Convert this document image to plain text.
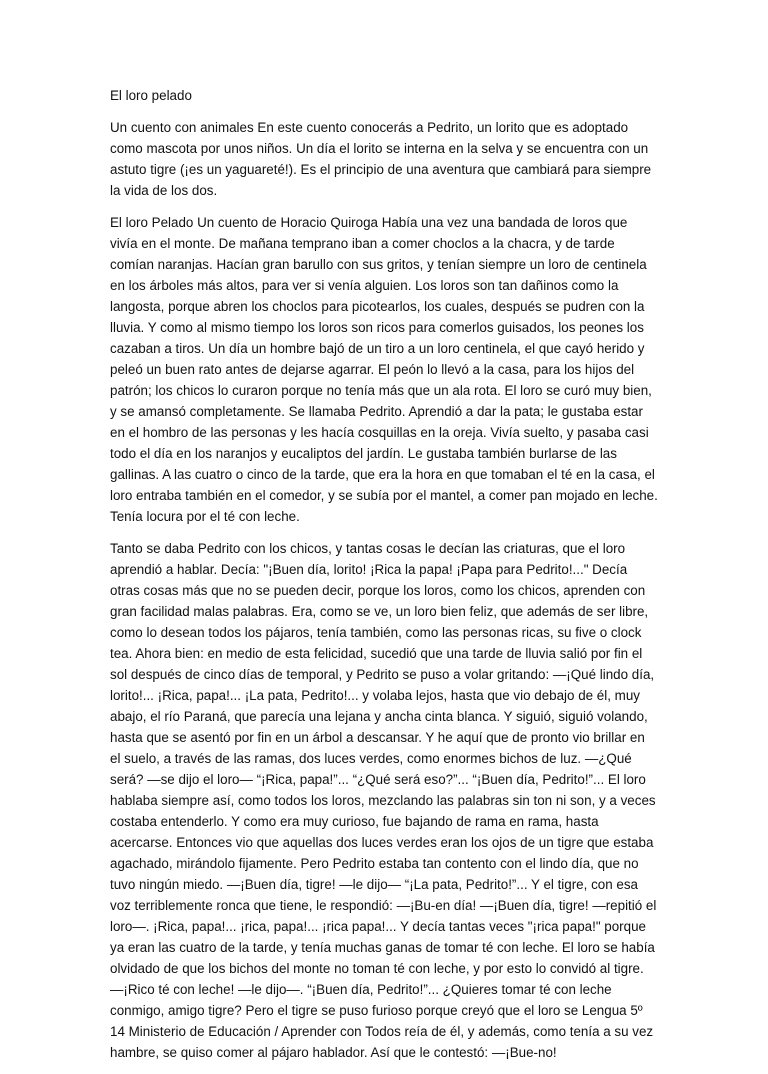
El loro pelado

Un cuento con animales En este cuento conocerás a Pedrito, un lorito que es adoptado como mascota por unos niños. Un día el lorito se interna en la selva y se encuentra con un astuto tigre (¡es un yaguareté!). Es el principio de una aventura que cambiará para siempre la vida de los dos.

El loro Pelado Un cuento de Horacio Quiroga Había una vez una bandada de loros que vivía en el monte. De mañana temprano iban a comer choclos a la chacra, y de tarde comían naranjas. Hacían gran barullo con sus gritos, y tenían siempre un loro de centinela en los árboles más altos, para ver si venía alguien. Los loros son tan dañinos como la langosta, porque abren los choclos para picotearlos, los cuales, después se pudren con la lluvia. Y como al mismo tiempo los loros son ricos para comerlos guisados, los peones los cazaban a tiros. Un día un hombre bajó de un tiro a un loro centinela, el que cayó herido y peleó un buen rato antes de dejarse agarrar. El peón lo llevó a la casa, para los hijos del patrón; los chicos lo curaron porque no tenía más que un ala rota. El loro se curó muy bien, y se amansó completamente. Se llamaba Pedrito. Aprendió a dar la pata; le gustaba estar en el hombro de las personas y les hacía cosquillas en la oreja. Vivía suelto, y pasaba casi todo el día en los naranjos y eucaliptos del jardín. Le gustaba también burlarse de las gallinas. A las cuatro o cinco de la tarde, que era la hora en que tomaban el té en la casa, el loro entraba también en el comedor, y se subía por el mantel, a comer pan mojado en leche. Tenía locura por el té con leche.

Tanto se daba Pedrito con los chicos, y tantas cosas le decían las criaturas, que el loro aprendió a hablar. Decía: "¡Buen día, lorito! ¡Rica la papa! ¡Papa para Pedrito!..." Decía otras cosas más que no se pueden decir, porque los loros, como los chicos, aprenden con gran facilidad malas palabras. Era, como se ve, un loro bien feliz, que además de ser libre, como lo desean todos los pájaros, tenía también, como las personas ricas, su five o clock tea. Ahora bien: en medio de esta felicidad, sucedió que una tarde de lluvia salió por fin el sol después de cinco días de temporal, y Pedrito se puso a volar gritando: —¡Qué lindo día, lorito!... ¡Rica, papa!... ¡La pata, Pedrito!... y volaba lejos, hasta que vio debajo de él, muy abajo, el río Paraná, que parecía una lejana y ancha cinta blanca. Y siguió, siguió volando, hasta que se asentó por fin en un árbol a descansar. Y he aquí que de pronto vio brillar en el suelo, a través de las ramas, dos luces verdes, como enormes bichos de luz. —¿Qué será? —se dijo el loro— “¡Rica, papa!”... “¿Qué será eso?”... “¡Buen día, Pedrito!”... El loro hablaba siempre así, como todos los loros, mezclando las palabras sin ton ni son, y a veces costaba entenderlo. Y como era muy curioso, fue bajando de rama en rama, hasta acercarse. Entonces vio que aquellas dos luces verdes eran los ojos de un tigre que estaba agachado, mirándolo fijamente. Pero Pedrito estaba tan contento con el lindo día, que no tuvo ningún miedo. —¡Buen día, tigre! —le dijo— “¡La pata, Pedrito!”... Y el tigre, con esa voz terriblemente ronca que tiene, le respondió: —¡Bu-en día! —¡Buen día, tigre! —repitió el loro—. ¡Rica, papa!... ¡rica, papa!... ¡rica papa!... Y decía tantas veces "¡rica papa!" porque ya eran las cuatro de la tarde, y tenía muchas ganas de tomar té con leche. El loro se había olvidado de que los bichos del monte no toman té con leche, y por esto lo convidó al tigre. —¡Rico té con leche! —le dijo—. “¡Buen día, Pedrito!”... ¿Quieres tomar té con leche conmigo, amigo tigre? Pero el tigre se puso furioso porque creyó que el loro se Lengua 5º 14 Ministerio de Educación / Aprender con Todos reía de él, y además, como tenía a su vez hambre, se quiso comer al pájaro hablador. Así que le contestó: —¡Bue-no!
